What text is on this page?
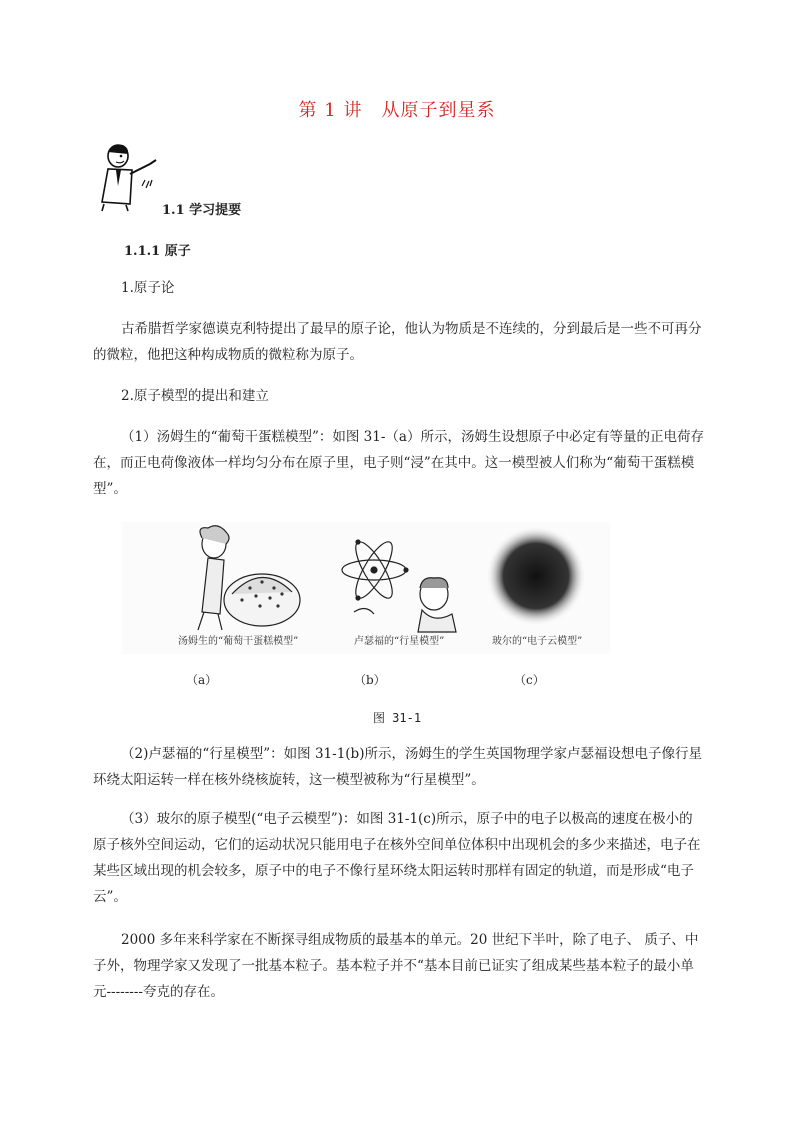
第 1 讲　从原子到星系
1.1 学习提要
1.1.1 原子
1.原子论
古希腊哲学家德谟克利特提出了最早的原子论，他认为物质是不连续的，分到最后是一些不可再分的微粒，他把这种构成物质的微粒称为原子。
2.原子模型的提出和建立
（1）汤姆生的“葡萄干蛋糕模型”：如图 31-（a）所示，汤姆生设想原子中必定有等量的正电荷存在，而正电荷像液体一样均匀分布在原子里，电子则“浸”在其中。这一模型被人们称为“葡萄干蛋糕模型”。
汤姆生的“葡萄干蛋糕模型”	卢瑟福的“行星模型”	玻尔的“电子云模型”
（a）	（b）	（c）
图 31-1
（2)卢瑟福的“行星模型”：如图 31-1(b)所示，汤姆生的学生英国物理学家卢瑟福设想电子像行星环绕太阳运转一样在核外绕核旋转，这一模型被称为“行星模型”。
（3）玻尔的原子模型(“电子云模型”)：如图 31-1(c)所示，原子中的电子以极高的速度在极小的原子核外空间运动，它们的运动状况只能用电子在核外空间单位体积中出现机会的多少来描述，电子在某些区域出现的机会较多，原子中的电子不像行星环绕太阳运转时那样有固定的轨道，而是形成“电子云”。
2000 多年来科学家在不断探寻组成物质的最基本的单元。20 世纪下半叶，除了电子、 质子、中子外，物理学家又发现了一批基本粒子。基本粒子并不“基本目前已证实了组成某些基本粒子的最小单元--------夸克的存在。
